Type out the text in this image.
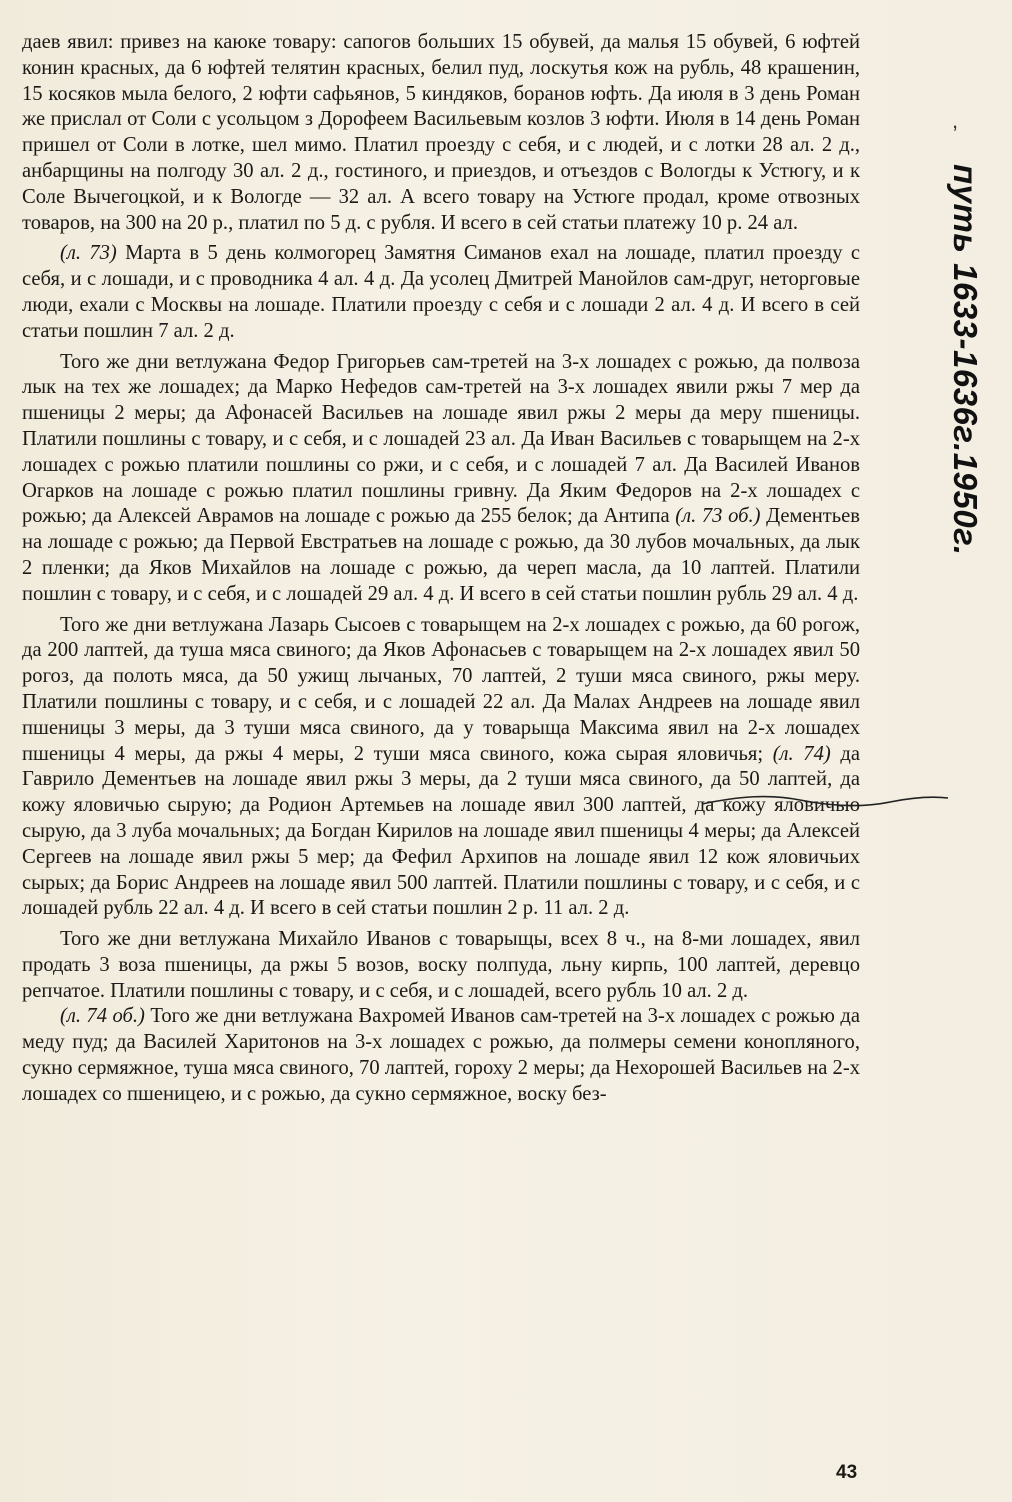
даев явил: привез на каюке товару: сапогов больших 15 обувей, да малья 15 обувей, 6 юфтей конин красных, да 6 юфтей телятин красных, белил пуд, лоскутья кож на рубль, 48 крашенин, 15 косяков мыла белого, 2 юфти сафьянов, 5 киндяков, боранов юфть. Да июля в 3 день Роман же прислал от Соли с усольцом з Дорофеем Васильевым козлов 3 юфти. Июля в 14 день Роман пришел от Соли в лотке, шел мимо. Платил проезду с себя, и с людей, и с лотки 28 ал. 2 д., анбарщины на полгоду 30 ал. 2 д., гостиного, и приездов, и отъездов с Вологды к Устюгу, и к Соле Вычегоцкой, и к Вологде — 32 ал. А всего товару на Устюге продал, кроме отвозных товаров, на 300 на 20 р., платил по 5 д. с рубля. И всего в сей статьи платежу 10 р. 24 ал.

(л. 73) Марта в 5 день колмогорец Замятня Симанов ехал на лошаде, платил проезду с себя, и с лошади, и с проводника 4 ал. 4 д. Да усолец Дмитрей Манойлов сам-друг, неторговые люди, ехали с Москвы на лошаде. Платили проезду с себя и с лошади 2 ал. 4 д. И всего в сей статьи пошлин 7 ал. 2 д.

Того же дни ветлужана Федор Григорьев сам-третей на 3-х лошадех с рожью, да полвоза лык на тех же лошадех; да Марко Нефедов сам-третей на 3-х лошадех явили ржы 7 мер да пшеницы 2 меры; да Афонасей Васильев на лошаде явил ржы 2 меры да меру пшеницы. Платили пошлины с товару, и с себя, и с лошадей 23 ал. Да Иван Васильев с товарыщем на 2-х лошадех с рожью платили пошлины со ржи, и с себя, и с лошадей 7 ал. Да Василей Иванов Огарков на лошаде с рожью платил пошлины гривну. Да Яким Федоров на 2-х лошадех с рожью; да Алексей Аврамов на лошаде с рожью да 255 белок; да Антипа (л. 73 об.) Дементьев на лошаде с рожью; да Первой Евстратьев на лошаде с рожью, да 30 лубов мочальных, да лык 2 пленки; да Яков Михайлов на лошаде с рожью, да череп масла, да 10 лаптей. Платили пошлин с товару, и с себя, и с лошадей 29 ал. 4 д. И всего в сей статьи пошлин рубль 29 ал. 4 д.

Того же дни ветлужана Лазарь Сысоев с товарыщем на 2-х лошадех с рожью, да 60 рогож, да 200 лаптей, да туша мяса свиного; да Яков Афонасьев с товарыщем на 2-х лошадех явил 50 рогоз, да полоть мяса, да 50 ужищ лычаных, 70 лаптей, 2 туши мяса свиного, ржы меру. Платили пошлины с товару, и с себя, и с лошадей 22 ал. Да Малах Андреев на лошаде явил пшеницы 3 меры, да 3 туши мяса свиного, да у товарыща Максима явил на 2-х лошадех пшеницы 4 меры, да ржы 4 меры, 2 туши мяса свиного, кожа сырая яловичья; (л. 74) да Гаврило Дементьев на лошаде явил ржы 3 меры, да 2 туши мяса свиного, да 50 лаптей, да кожу яловичью сырую; да Родион Артемьев на лошаде явил 300 лаптей, да кожу яловичью сырую, да 3 луба мочальных; да Богдан Кирилов на лошаде явил пшеницы 4 меры; да Алексей Сергеев на лошаде явил ржы 5 мер; да Фефил Архипов на лошаде явил 12 кож яловичьих сырых; да Борис Андреев на лошаде явил 500 лаптей. Платили пошлины с товару, и с себя, и с лошадей рубль 22 ал. 4 д. И всего в сей статьи пошлин 2 р. 11 ал. 2 д.

Того же дни ветлужана Михайло Иванов с товарыщы, всех 8 ч., на 8-ми лошадех, явил продать 3 воза пшеницы, да ржы 5 возов, воску полпуда, льну кирпь, 100 лаптей, деревцо репчатое. Платили пошлины с товару, и с себя, и с лошадей, всего рубль 10 ал. 2 д.

(л. 74 об.) Того же дни ветлужана Вахромей Иванов сам-третей на 3-х лошадех с рожью да меду пуд; да Василей Харитонов на 3-х лошадех с рожью, да полмеры семени конопляного, сукно сермяжное, туша мяса свиного, 70 лаптей, гороху 2 меры; да Нехорошей Васильев на 2-х лошадех со пшеницею, и с рожью, да сукно сермяжное, воску без-

,
путь 1633-1636г.1950г.
43
